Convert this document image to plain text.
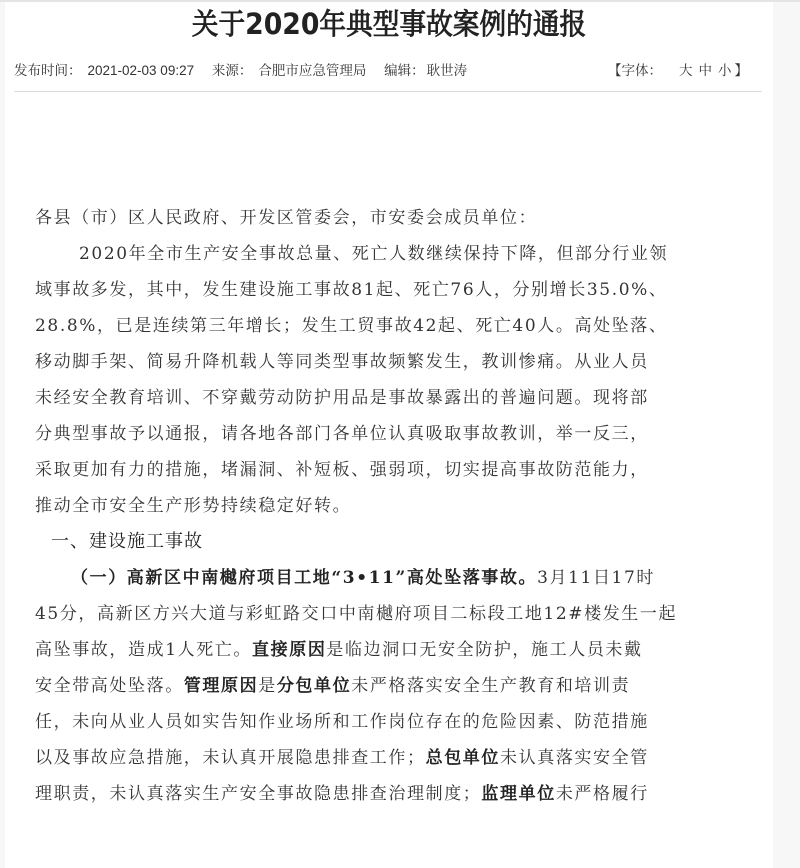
关于2020年典型事故案例的通报
发布时间： 2021-02-03 09:27 来源： 合肥市应急管理局 编辑： 耿世涛	【字体： 大 中 小 】

各县（市）区人民政府、开发区管委会，市安委会成员单位：

2020年全市生产安全事故总量、死亡人数继续保持下降，但部分行业领
域事故多发，其中，发生建设施工事故81起、死亡76人，分别增长35.0%、
28.8%，已是连续第三年增长；发生工贸事故42起、死亡40人。高处坠落、
移动脚手架、简易升降机载人等同类型事故频繁发生，教训惨痛。从业人员
未经安全教育培训、不穿戴劳动防护用品是事故暴露出的普遍问题。现将部
分典型事故予以通报，请各地各部门各单位认真吸取事故教训，举一反三，
采取更加有力的措施，堵漏洞、补短板、强弱项，切实提高事故防范能力，
推动全市安全生产形势持续稳定好转。

一、建设施工事故

（一）高新区中南樾府项目工地“3•11”高处坠落事故。3月11日17时
45分，高新区方兴大道与彩虹路交口中南樾府项目二标段工地12#楼发生一起
高坠事故，造成1人死亡。直接原因是临边洞口无安全防护，施工人员未戴
安全带高处坠落。管理原因是分包单位未严格落实安全生产教育和培训责
任，未向从业人员如实告知作业场所和工作岗位存在的危险因素、防范措施
以及事故应急措施，未认真开展隐患排查工作；总包单位未认真落实安全管
理职责，未认真落实生产安全事故隐患排查治理制度；监理单位未严格履行
